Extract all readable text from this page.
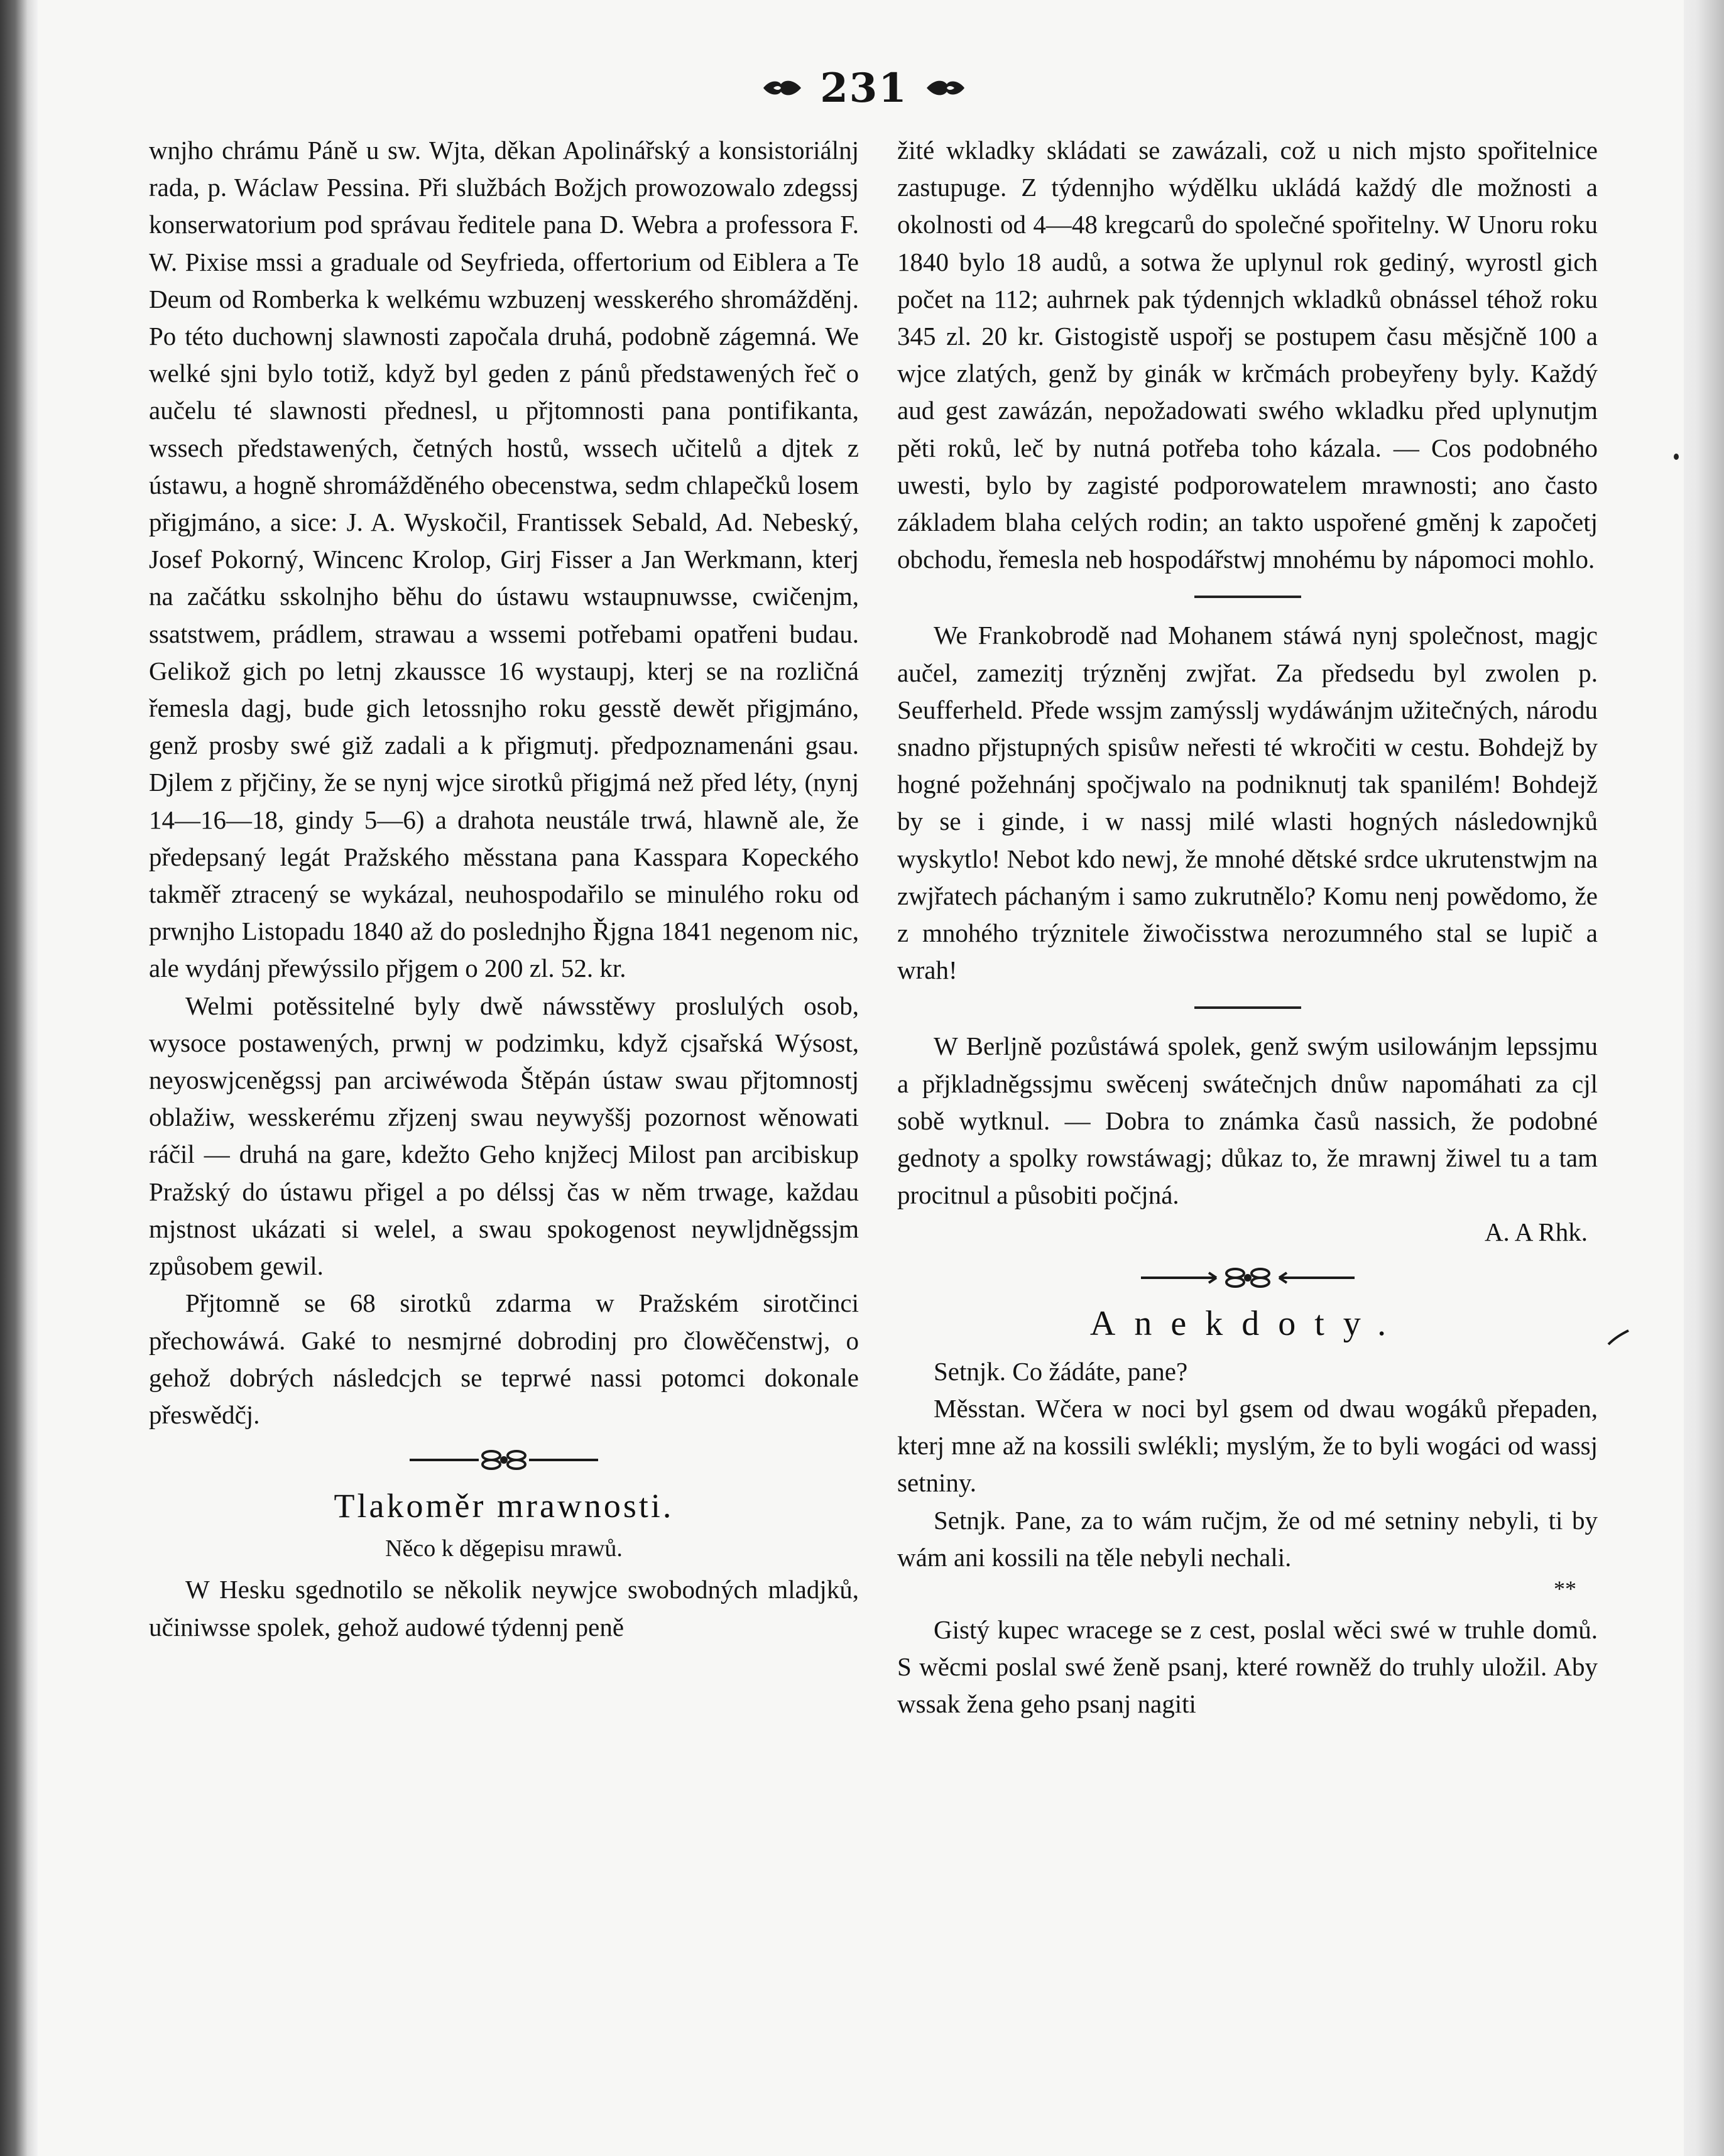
231

wnjho chrámu Páně u sw. Wjta, děkan Apolinářský a konsistoriálnj rada, p. Wáclaw Pessina. Při službách Božjch prowozowalo zdegssj konserwatorium pod správau ředitele pana D. Webra a professora F. W. Pixise mssi a graduale od Seyfrieda, offertorium od Eiblera a Te Deum od Romberka k welkému wzbuzenj wesskerého shromážděnj. Po této duchownj slawnosti započala druhá, podobně zágemná. We welké sjni bylo totiž, když byl geden z pánů předstawených řeč o aučelu té slawnosti přednesl, u přjtomnosti pana pontifikanta, wssech předstawených, četných hostů, wssech učitelů a djtek z ústawu, a hogně shromážděného obecenstwa, sedm chlapečků losem přigjmáno, a sice: J. A. Wyskočil, Frantissek Sebald, Ad. Nebeský, Josef Pokorný, Wincenc Krolop, Girj Fisser a Jan Werkmann, kterj na začátku sskolnjho běhu do ústawu wstaupnuwsse, cwičenjm, ssatstwem, prádlem, strawau a wssemi potřebami opatřeni budau. Gelikož gich po letnj zkaussce 16 wystaupj, kterj se na rozličná řemesla dagj, bude gich letossnjho roku gesstě dewět přigjmáno, genž prosby swé giž zadali a k přigmutj. předpoznamenáni gsau. Djlem z přjčiny, že se nynj wjce sirotků přigjmá než před léty, (nynj 14—16—18, gindy 5—6) a drahota neustále trwá, hlawně ale, že předepsaný legát Pražského měsstana pana Kasspara Kopeckého takměř ztracený se wykázal, neuhospodařilo se minulého roku od prwnjho Listopadu 1840 až do poslednjho Řjgna 1841 negenom nic, ale wydánj přewýssilo přjgem o 200 zl. 52. kr.

Welmi potěssitelné byly dwě náwsstěwy proslulých osob, wysoce postawených, prwnj w podzimku, když cjsařská Wýsost, neyoswjceněgssj pan arciwéwoda Štěpán ústaw swau přjtomnostj oblažiw, wesskerému zřjzenj swau neywyššj pozornost wěnowati ráčil — druhá na gare, kdežto Geho knjžecj Milost pan arcibiskup Pražský do ústawu přigel a po délssj čas w něm trwage, každau mjstnost ukázati si welel, a swau spokogenost neywljdněgssjm způsobem gewil.

Přjtomně se 68 sirotků zdarma w Pražském sirotčinci přechowáwá. Gaké to nesmjrné dobrodinj pro člowěčenstwj, o gehož dobrých následcjch se teprwé nassi potomci dokonale přeswědčj.

Tlakoměr mrawnosti.
Něco k děgepisu mrawů.

W Hesku sgednotilo se několik neywjce swobodných mladjků, učiniwsse spolek, gehož audowé týdennj peně

žité wkladky skládati se zawázali, což u nich mjsto spořitelnice zastupuge. Z týdennjho wýdělku ukládá každý dle možnosti a okolnosti od 4—48 kregcarů do společné spořitelny. W Unoru roku 1840 bylo 18 audů, a sotwa že uplynul rok gediný, wyrostl gich počet na 112; auhrnek pak týdennjch wkladků obnássel téhož roku 345 zl. 20 kr. Gistogistě uspořj se postupem času měsjčně 100 a wjce zlatých, genž by ginák w krčmách probeyřeny byly. Každý aud gest zawázán, nepožadowati swého wkladku před uplynutjm pěti roků, leč by nutná potřeba toho kázala. — Cos podobného uwesti, bylo by zagisté podporowatelem mrawnosti; ano často základem blaha celých rodin; an takto uspořené gměnj k započetj obchodu, řemesla neb hospodářstwj mnohému by nápomoci mohlo.

We Frankobrodě nad Mohanem stáwá nynj společnost, magjc aučel, zamezitj trýzněnj zwjřat. Za předsedu byl zwolen p. Seufferheld. Přede wssjm zamýsslj wydáwánjm užitečných, národu snadno přjstupných spisůw neřesti té wkročiti w cestu. Bohdejž by hogné požehnánj spočjwalo na podniknutj tak spanilém! Bohdejž by se i ginde, i w nassj milé wlasti hogných následownjků wyskytlo! Nebot kdo newj, že mnohé dětské srdce ukrutenstwjm na zwjřatech páchaným i samo zukrutnělo? Komu nenj powědomo, že z mnohého trýznitele žiwočisstwa nerozumného stal se lupič a wrah!

W Berljně pozůstáwá spolek, genž swým usilowánjm lepssjmu a přjkladněgssjmu swěcenj swátečnjch dnůw napomáhati za cjl sobě wytknul. — Dobra to známka časů nassich, že podobné gednoty a spolky rowstáwagj; důkaz to, že mrawnj žiwel tu a tam procitnul a působiti počjná.

A. A Rhk.

Anekdoty.

Setnjk. Co žádáte, pane?

Měsstan. Wčera w noci byl gsem od dwau wogáků přepaden, kterj mne až na kossili swlékli; myslým, že to byli wogáci od wassj setniny.

Setnjk. Pane, za to wám ručjm, že od mé setniny nebyli, ti by wám ani kossili na těle nebyli nechali.

**

Gistý kupec wracege se z cest, poslal wěci swé w truhle domů. S wěcmi poslal swé ženě psanj, které rowněž do truhly uložil. Aby wssak žena geho psanj nagiti
